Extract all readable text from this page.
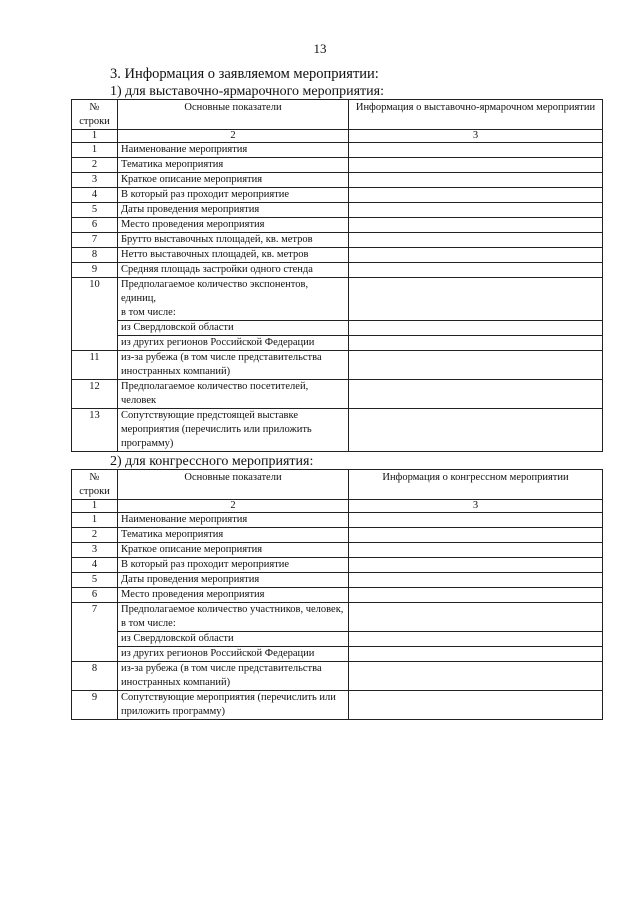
13
3. Информация о заявляемом мероприятии:
1) для выставочно-ярмарочного мероприятия:
№ строки	Основные показатели	Информация о выставочно-ярмарочном мероприятии
1	2	3
1	Наименование мероприятия	
2	Тематика мероприятия	
3	Краткое описание мероприятия	
4	В который раз проходит мероприятие	
5	Даты проведения мероприятия	
6	Место проведения мероприятия	
7	Брутто выставочных площадей, кв. метров	
8	Нетто выставочных площадей, кв. метров	
9	Средняя площадь застройки одного стенда	
10	Предполагаемое количество экспонентов, единиц,
в том числе:	
	из Свердловской области	
	из других регионов Российской Федерации	
11	из-за рубежа (в том числе представительства иностранных компаний)	
12	Предполагаемое количество посетителей, человек	
13	Сопутствующие предстоящей выставке мероприятия (перечислить или приложить программу)	
2) для конгрессного мероприятия:
№ строки	Основные показатели	Информация о конгрессном мероприятии
1	2	3
1	Наименование мероприятия	
2	Тематика мероприятия	
3	Краткое описание мероприятия	
4	В который раз проходит мероприятие	
5	Даты проведения мероприятия	
6	Место проведения мероприятия	
7	Предполагаемое количество участников, человек,
в том числе:	
	из Свердловской области	
	из других регионов Российской Федерации	
8	из-за рубежа (в том числе представительства иностранных компаний)	
9	Сопутствующие мероприятия (перечислить или приложить программу)	
